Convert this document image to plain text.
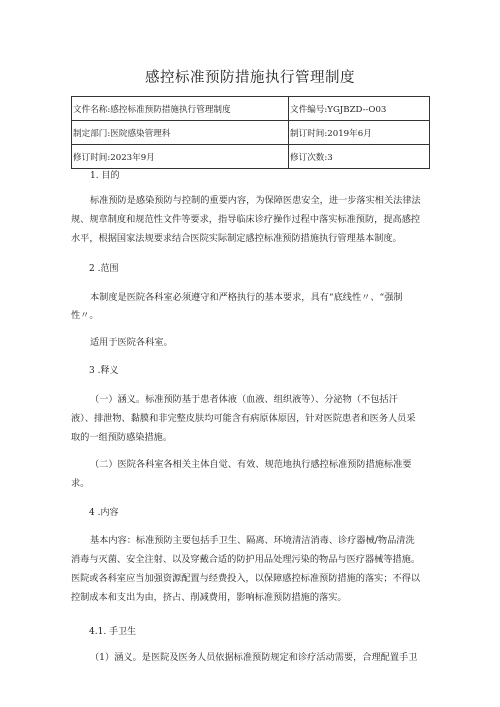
感控标准预防措施执行管理制度
文件名称:感控标准预防措施执行管理制度	文件编号:YGJBZD--O03
制定部门:医院感染管理科	制订时间:2019年6月
修订时间:2023年9月	修订次数:3
1. 目的
标准预防是感染预防与控制的重要内容，为保障医患安全，进一步落实相关法律法
规、规章制度和规范性文件等要求，指导临床诊疗操作过程中落实标准预防，提高感控
水平，根据国家法规要求结合医院实际制定感控标准预防措施执行管理基本制度。
2 .范围
本制度是医院各科室必须遵守和严格执行的基本要求，具有“底线性〃、“强制
性〃。
适用于医院各科室。
3 .释义
（一）涵义。标准预防基于患者体液（血液、组织液等）、分泌物（不包括汗
液）、排泄物、黏膜和非完整皮肤均可能含有病原体原因，针对医院患者和医务人员采
取的一组预防感染措施。
（二）医院各科室各相关主体自觉、有效、规范地执行感控标准预防措施标准要
求。
4 .内容
基本内容：标准预防主要包括手卫生、隔离、环境清洁消毒、诊疗器械/物品清洗
消毒与灭菌、安全注射、以及穿戴合适的防护用品处理污染的物品与医疗器械等措施。
医院或各科室应当加强资源配置与经费投入，以保障感控标准预防措施的落实；不得以
控制成本和支出为由，挤占、削减费用，影响标准预防措施的落实。
4.1. 手卫生
（1）涵义。是医院及医务人员依据标准预防规定和诊疗活动需要，合理配置手卫
